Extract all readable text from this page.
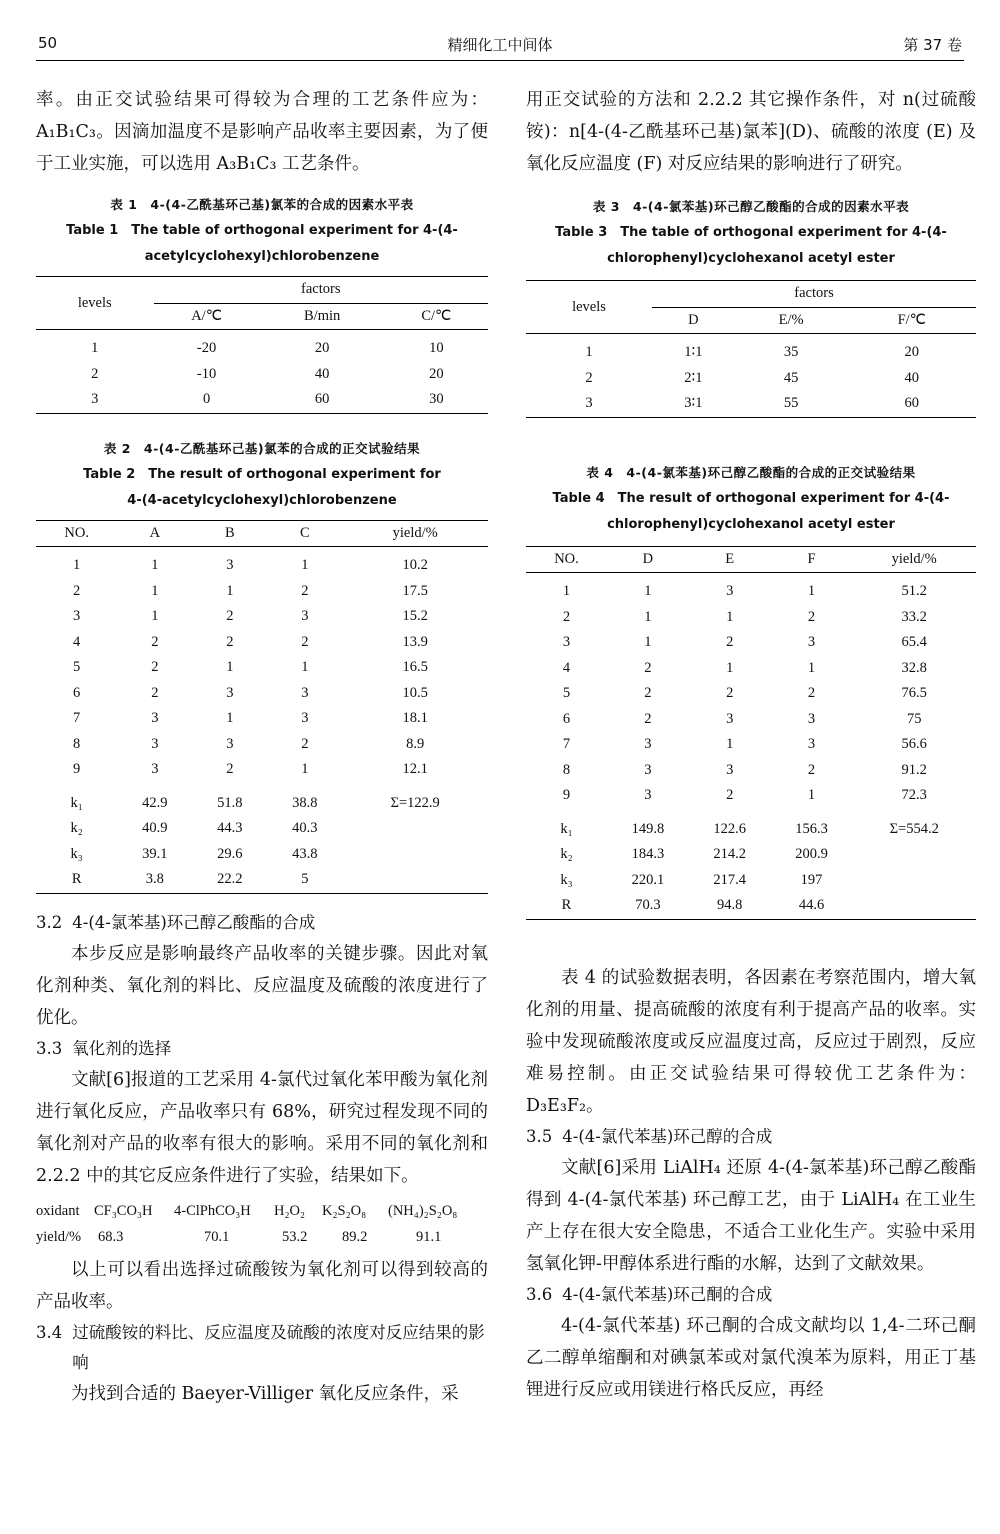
50	精细化工中间体	第 37 卷

率。由正交试验结果可得较为合理的工艺条件应为：A₁B₁C₃。因滴加温度不是影响产品收率主要因素，为了便于工业实施，可以选用 A₃B₁C₃ 工艺条件。

表 1　4-(4-乙酰基环己基)氯苯的合成的因素水平表

Table 1　The table of orthogonal experiment for 4-(4-

acetylcyclohexyl)chlorobenzene

levels	factors		
	A/℃	B/min	C/℃
1	-20	20	10
2	-10	40	20
3	0	60	30

表 2　4-(4-乙酰基环己基)氯苯的合成的正交试验结果

Table 2　The result of orthogonal experiment for

4-(4-acetylcyclohexyl)chlorobenzene

NO.	A	B	C	yield/%
1	1	3	1	10.2
2	1	1	2	17.5
3	1	2	3	15.2
4	2	2	2	13.9
5	2	1	1	16.5
6	2	3	3	10.5
7	3	1	3	18.1
8	3	3	2	8.9
9	3	2	1	12.1
k₁	42.9	51.8	38.8	Σ=122.9
k₂	40.9	44.3	40.3	
k₃	39.1	29.6	43.8	
R	3.8	22.2	5	

3.2 4-(4-氯苯基)环己醇乙酸酯的合成

本步反应是影响最终产品收率的关键步骤。因此对氧化剂种类、氧化剂的料比、反应温度及硫酸的浓度进行了优化。

3.3 氧化剂的选择

文献[6]报道的工艺采用 4-氯代过氧化苯甲酸为氧化剂进行氧化反应，产品收率只有 68%，研究过程发现不同的氧化剂对产品的收率有很大的影响。采用不同的氧化剂和 2.2.2 中的其它反应条件进行了实验，结果如下。

oxidant	CF₃CO₃H	4-ClPhCO₃H	H₂O₂	K₂S₂O₈	(NH₄)₂S₂O₈
yield/%	68.3	70.1	53.2	89.2	91.1

以上可以看出选择过硫酸铵为氧化剂可以得到较高的产品收率。

3.4 过硫酸铵的料比、反应温度及硫酸的浓度对反应结果的影响

为找到合适的 Baeyer-Villiger 氧化反应条件，采

用正交试验的方法和 2.2.2 其它操作条件，对 n(过硫酸铵)：n[4-(4-乙酰基环己基)氯苯](D)、硫酸的浓度 (E) 及氧化反应温度 (F) 对反应结果的影响进行了研究。

表 3　4-(4-氯苯基)环己醇乙酸酯的合成的因素水平表

Table 3　The table of orthogonal experiment for 4-(4-

chlorophenyl)cyclohexanol acetyl ester

levels	factors		
	D	E/%	F/℃
1	1∶1	35	20
2	2∶1	45	40
3	3∶1	55	60

表 4　4-(4-氯苯基)环己醇乙酸酯的合成的正交试验结果

Table 4　The result of orthogonal experiment for 4-(4-

chlorophenyl)cyclohexanol acetyl ester

NO.	D	E	F	yield/%
1	1	3	1	51.2
2	1	1	2	33.2
3	1	2	3	65.4
4	2	1	1	32.8
5	2	2	2	76.5
6	2	3	3	75
7	3	1	3	56.6
8	3	3	2	91.2
9	3	2	1	72.3
k₁	149.8	122.6	156.3	Σ=554.2
k₂	184.3	214.2	200.9	
k₃	220.1	217.4	197	
R	70.3	94.8	44.6	

表 4 的试验数据表明，各因素在考察范围内，增大氧化剂的用量、提高硫酸的浓度有利于提高产品的收率。实验中发现硫酸浓度或反应温度过高，反应过于剧烈，反应难易控制。由正交试验结果可得较优工艺条件为：D₃E₃F₂。

3.5 4-(4-氯代苯基)环己醇的合成

文献[6]采用 LiAlH₄ 还原 4-(4-氯苯基)环己醇乙酸酯得到 4-(4-氯代苯基) 环己醇工艺，由于 LiAlH₄ 在工业生产上存在很大安全隐患，不适合工业化生产。实验中采用氢氧化钾-甲醇体系进行酯的水解，达到了文献效果。

3.6 4-(4-氯代苯基)环己酮的合成

4-(4-氯代苯基) 环己酮的合成文献均以 1,4-二环己酮乙二醇单缩酮和对碘氯苯或对氯代溴苯为原料，用正丁基锂进行反应或用镁进行格氏反应，再经
